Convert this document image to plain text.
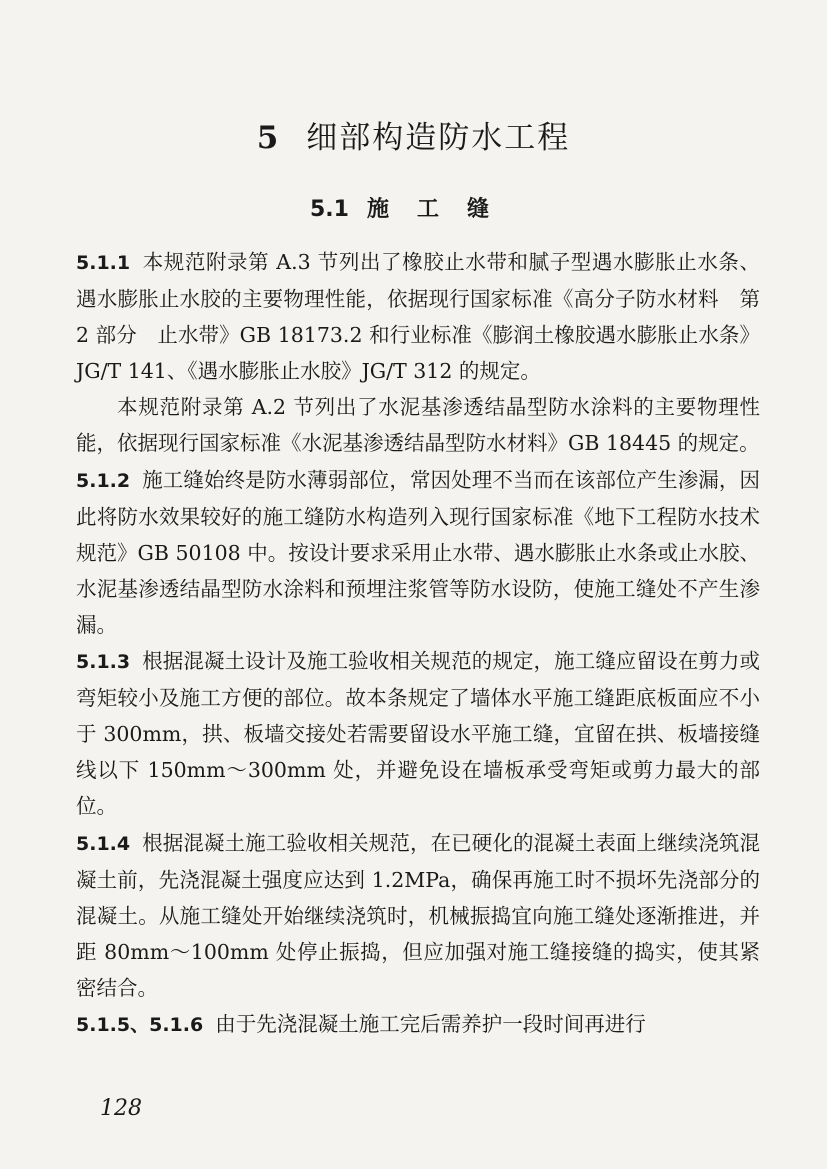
5 细部构造防水工程
5.1 施工缝

5.1.1 本规范附录第 A.3 节列出了橡胶止水带和腻子型遇水膨胀止水条、遇水膨胀止水胶的主要物理性能，依据现行国家标准《高分子防水材料　第 2 部分　止水带》GB 18173.2 和行业标准《膨润土橡胶遇水膨胀止水条》JG/T 141、《遇水膨胀止水胶》JG/T 312 的规定。

本规范附录第 A.2 节列出了水泥基渗透结晶型防水涂料的主要物理性能，依据现行国家标准《水泥基渗透结晶型防水材料》GB 18445 的规定。

5.1.2 施工缝始终是防水薄弱部位，常因处理不当而在该部位产生渗漏，因此将防水效果较好的施工缝防水构造列入现行国家标准《地下工程防水技术规范》GB 50108 中。按设计要求采用止水带、遇水膨胀止水条或止水胶、水泥基渗透结晶型防水涂料和预埋注浆管等防水设防，使施工缝处不产生渗漏。

5.1.3 根据混凝土设计及施工验收相关规范的规定，施工缝应留设在剪力或弯矩较小及施工方便的部位。故本条规定了墙体水平施工缝距底板面应不小于 300mm，拱、板墙交接处若需要留设水平施工缝，宜留在拱、板墙接缝线以下 150mm～300mm 处，并避免设在墙板承受弯矩或剪力最大的部位。

5.1.4 根据混凝土施工验收相关规范，在已硬化的混凝土表面上继续浇筑混凝土前，先浇混凝土强度应达到 1.2MPa，确保再施工时不损坏先浇部分的混凝土。从施工缝处开始继续浇筑时，机械振捣宜向施工缝处逐渐推进，并距 80mm～100mm 处停止振捣，但应加强对施工缝接缝的捣实，使其紧密结合。

5.1.5、5.1.6 由于先浇混凝土施工完后需养护一段时间再进行

128
